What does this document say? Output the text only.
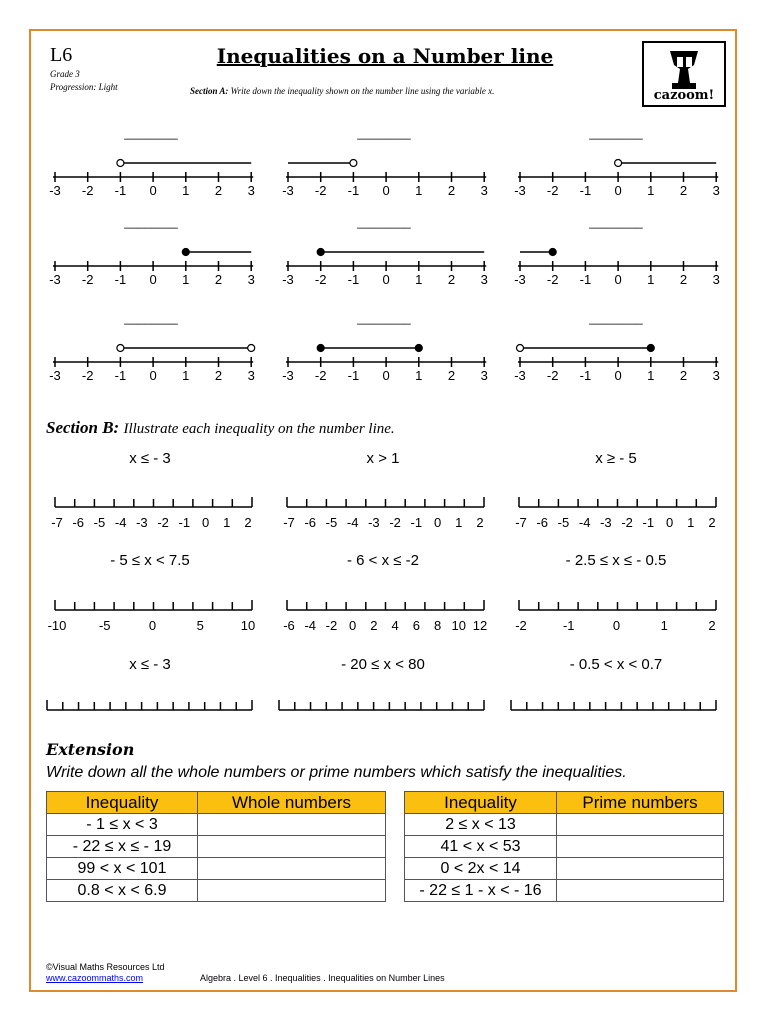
L6
Grade 3
Progression: Light
Inequalities on a Number line
Section A: Write down the inequality shown on the number line using the variable x.	cazoom!
________
-3 -2 -1 0 1 2 3
________
-3 -2 -1 0 1 2 3
________
-3 -2 -1 0 1 2 3
________
-3 -2 -1 0 1 2 3
________
-3 -2 -1 0 1 2 3
________
-3 -2 -1 0 1 2 3
________
-3 -2 -1 0 1 2 3
________
-3 -2 -1 0 1 2 3
________
-3 -2 -1 0 1 2 3
Section B: Illustrate each inequality on the number line.
x ≤ - 3	x > 1	x ≥ - 5
- 5 ≤ x < 7.5	- 6 < x ≤ -2	- 2.5 ≤ x ≤ - 0.5
x ≤ - 3	- 20 ≤ x < 80	- 0.5 < x < 0.7
-7 -6 -5 -4 -3 -2 -1 0 1 2 -7 -6 -5 -4 -3 -2 -1 0 1 2 -7 -6 -5 -4 -3 -2 -1 0 1 2
-10	-5	0	5	10 -6 -4 -2 0 2 4 6 8 10 12 -2	-1	0	1	2
Extension
Write down all the whole numbers or prime numbers which satisfy the inequalities.
Inequality	Whole numbers
- 1 ≤ x < 3	
- 22 ≤ x ≤ - 19	
99 < x < 101	
0.8 < x < 6.9	
Inequality	Prime numbers
2 ≤ x < 13	
41 < x < 53	
0 < 2x < 14	
- 22 ≤ 1 - x < - 16	
©Visual Maths Resources Ltd
www.cazoommaths.com	Algebra . Level 6 . Inequalities . Inequalities on Number Lines
